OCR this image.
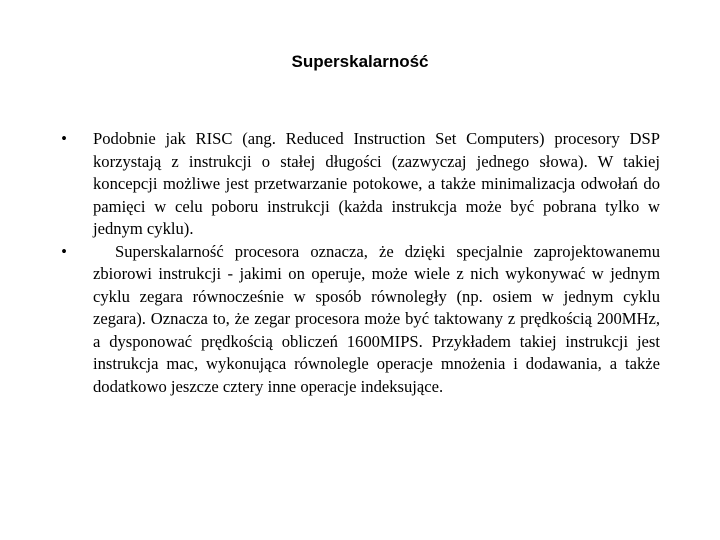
Superskalarność
• Podobnie jak RISC (ang. Reduced Instruction Set Computers) procesory DSP korzystają z instrukcji o stałej długości (zazwyczaj jednego słowa). W takiej koncepcji możliwe jest przetwarzanie potokowe, a także minimalizacja odwołań do pamięci w celu poboru instrukcji (każda instrukcja może być pobrana tylko w jednym cyklu).
•	Superskalarność procesora oznacza, że dzięki specjalnie zaprojektowanemu zbiorowi instrukcji - jakimi on operuje, może wiele z nich wykonywać w jednym cyklu zegara równocześnie w sposób równoległy (np. osiem w jednym cyklu zegara). Oznacza to, że zegar procesora może być taktowany z prędkością 200MHz, a dysponować prędkością obliczeń 1600MIPS. Przykładem takiej instrukcji jest instrukcja mac, wykonująca równolegle operacje mnożenia i dodawania, a także dodatkowo jeszcze cztery inne operacje indeksujące.
